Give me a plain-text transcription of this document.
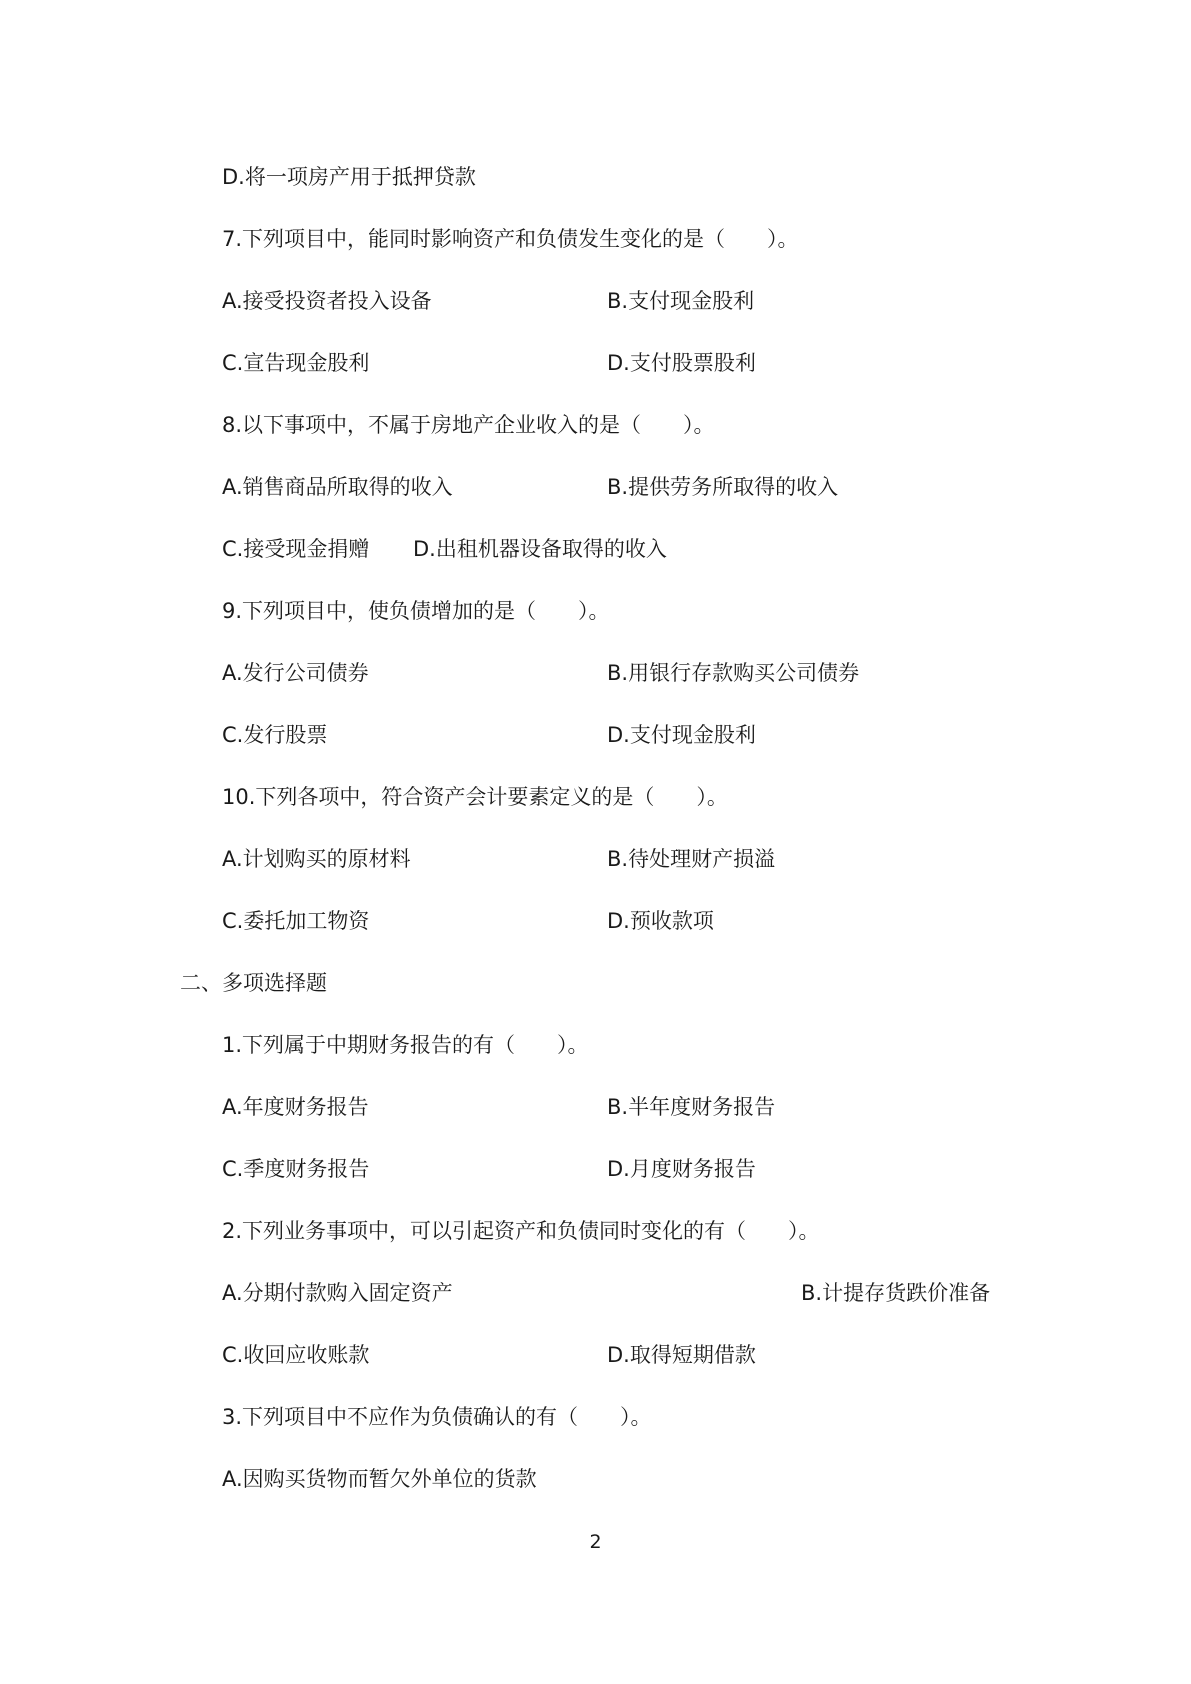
D.将一项房产用于抵押贷款
7.下列项目中，能同时影响资产和负债发生变化的是（　　）。
A.接受投资者投入设备	B.支付现金股利
C.宣告现金股利	D.支付股票股利
8.以下事项中，不属于房地产企业收入的是（　　）。
A.销售商品所取得的收入	B.提供劳务所取得的收入
C.接受现金捐赠 D.出租机器设备取得的收入
9.下列项目中，使负债增加的是（　　）。
A.发行公司债券	B.用银行存款购买公司债券
C.发行股票	D.支付现金股利
10.下列各项中，符合资产会计要素定义的是（　　）。
A.计划购买的原材料	B.待处理财产损溢
C.委托加工物资	D.预收款项
二、多项选择题
1.下列属于中期财务报告的有（　　）。
A.年度财务报告	B.半年度财务报告
C.季度财务报告	D.月度财务报告
2.下列业务事项中，可以引起资产和负债同时变化的有（　　）。
A.分期付款购入固定资产	B.计提存货跌价准备
C.收回应收账款	D.取得短期借款
3.下列项目中不应作为负债确认的有（　　）。
A.因购买货物而暂欠外单位的货款
2
